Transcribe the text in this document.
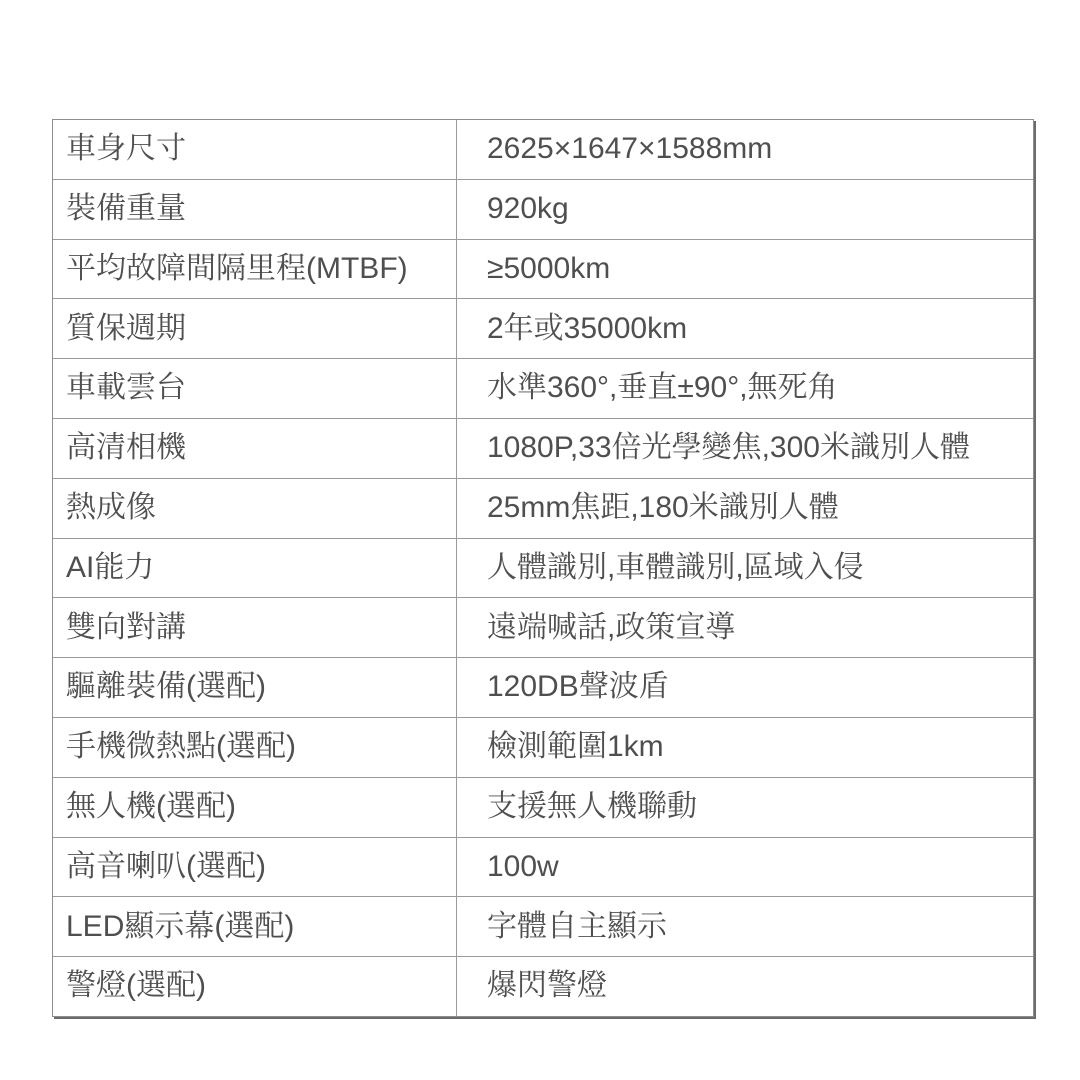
車身尺寸	2625×1647×1588mm
裝備重量	920kg
平均故障間隔里程(MTBF)	≥5000km
質保週期	2年或35000km
車載雲台	水準360°,垂直±90°,無死角
高清相機	1080P,33倍光學變焦,300米識別人體
熱成像	25mm焦距,180米識別人體
AI能力	人體識別,車體識別,區域入侵
雙向對講	遠端喊話,政策宣導
驅離裝備(選配)	120DB聲波盾
手機微熱點(選配)	檢測範圍1km
無人機(選配)	支援無人機聯動
高音喇叭(選配)	100w
LED顯示幕(選配)	字體自主顯示
警燈(選配)	爆閃警燈
